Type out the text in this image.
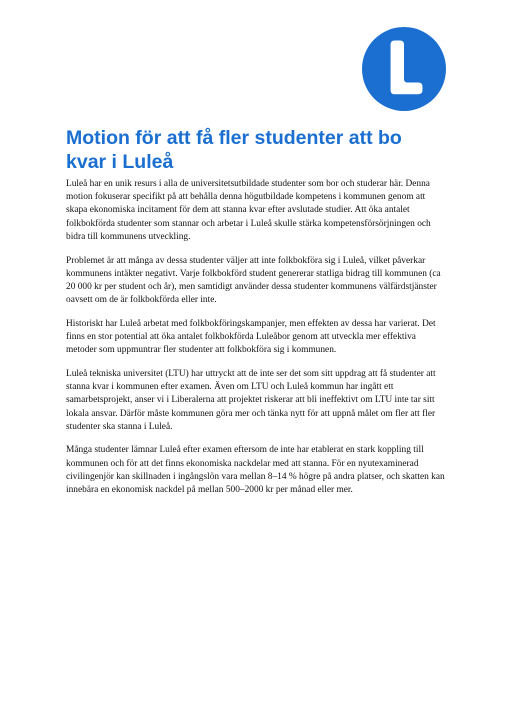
Motion för att få fler studenter att bo kvar i Luleå

Luleå har en unik resurs i alla de universitetsutbildade studenter som bor och studerar här. Denna motion fokuserar specifikt på att behålla denna högutbildade kompetens i kommunen genom att skapa ekonomiska incitament för dem att stanna kvar efter avslutade studier. Att öka antalet folkbokförda studenter som stannar och arbetar i Luleå skulle stärka kompetensförsörjningen och bidra till kommunens utveckling.

Problemet är att många av dessa studenter väljer att inte folkbokföra sig i Luleå, vilket påverkar kommunens intäkter negativt. Varje folkbokförd student genererar statliga bidrag till kommunen (ca 20 000 kr per student och år), men samtidigt använder dessa studenter kommunens välfärdstjänster oavsett om de är folkbokförda eller inte.

Historiskt har Luleå arbetat med folkbokföringskampanjer, men effekten av dessa har varierat. Det finns en stor potential att öka antalet folkbokförda Luleåbor genom att utveckla mer effektiva metoder som uppmuntrar fler studenter att folkbokföra sig i kommunen.

Luleå tekniska universitet (LTU) har uttryckt att de inte ser det som sitt uppdrag att få studenter att stanna kvar i kommunen efter examen. Även om LTU och Luleå kommun har ingått ett samarbetsprojekt, anser vi i Liberalerna att projektet riskerar att bli ineffektivt om LTU inte tar sitt lokala ansvar. Därför måste kommunen göra mer och tänka nytt för att uppnå målet om fler att fler studenter ska stanna i Luleå.

Många studenter lämnar Luleå efter examen eftersom de inte har etablerat en stark koppling till kommunen och för att det finns ekonomiska nackdelar med att stanna. För en nyutexaminerad civilingenjör kan skillnaden i ingångslön vara mellan 8–14 % högre på andra platser, och skatten kan innebära en ekonomisk nackdel på mellan 500–2000 kr per månad eller mer.
